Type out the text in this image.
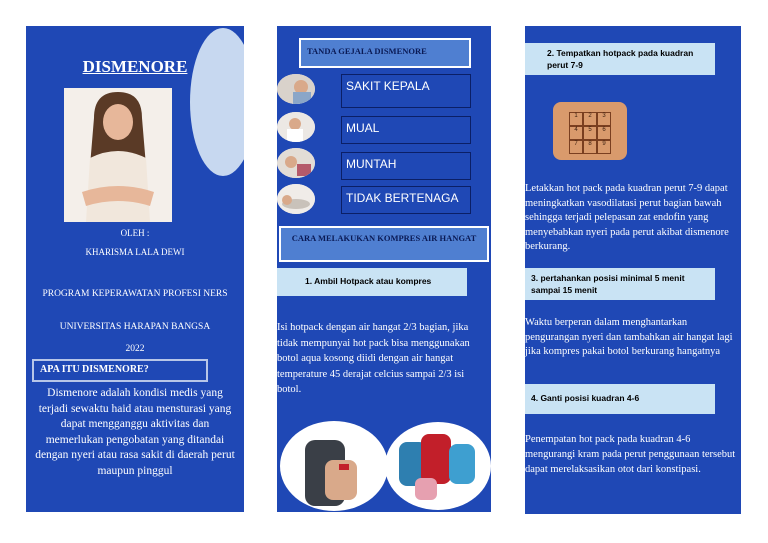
DISMENORE
OLEH :
KHARISMA LALA DEWI
PROGRAM KEPERAWATAN PROFESI NERS
UNIVERSITAS HARAPAN BANGSA
2022
APA ITU DISMENORE?
Dismenore adalah kondisi medis yang terjadi sewaktu haid atau mensturasi yang dapat mengganggu aktivitas dan memerlukan pengobatan yang ditandai dengan nyeri atau rasa sakit di daerah perut maupun pinggul
TANDA GEJALA DISMENORE
SAKIT KEPALA
MUAL
MUNTAH
TIDAK BERTENAGA
CARA MELAKUKAN KOMPRES AIR HANGAT
1. Ambil Hotpack atau kompres
Isi hotpack dengan air hangat 2/3 bagian, jika tidak mempunyai hot pack bisa menggunakan botol aqua kosong diidi dengan air hangat temperature 45 derajat celcius sampai 2/3 isi botol.
2. Tempatkan hotpack pada kuadran perut 7-9
1	2	3
4	5	6
7	8	9
Letakkan hot pack pada kuadran perut 7-9 dapat meningkatkan vasodilatasi perut bagian bawah sehingga terjadi pelepasan zat endofin yang menyebabkan nyeri pada perut akibat dismenore berkurang.
3. pertahankan posisi minimal 5 menit sampai 15 menit
Waktu berperan dalam menghantarkan pengurangan nyeri dan tambahkan air hangat lagi jika kompres pakai botol berkurang hangatnya
4. Ganti posisi kuadran 4-6
Penempatan hot pack pada kuadran 4-6 mengurangi kram pada perut penggunaan tersebut dapat merelaksasikan otot dari konstipasi.
